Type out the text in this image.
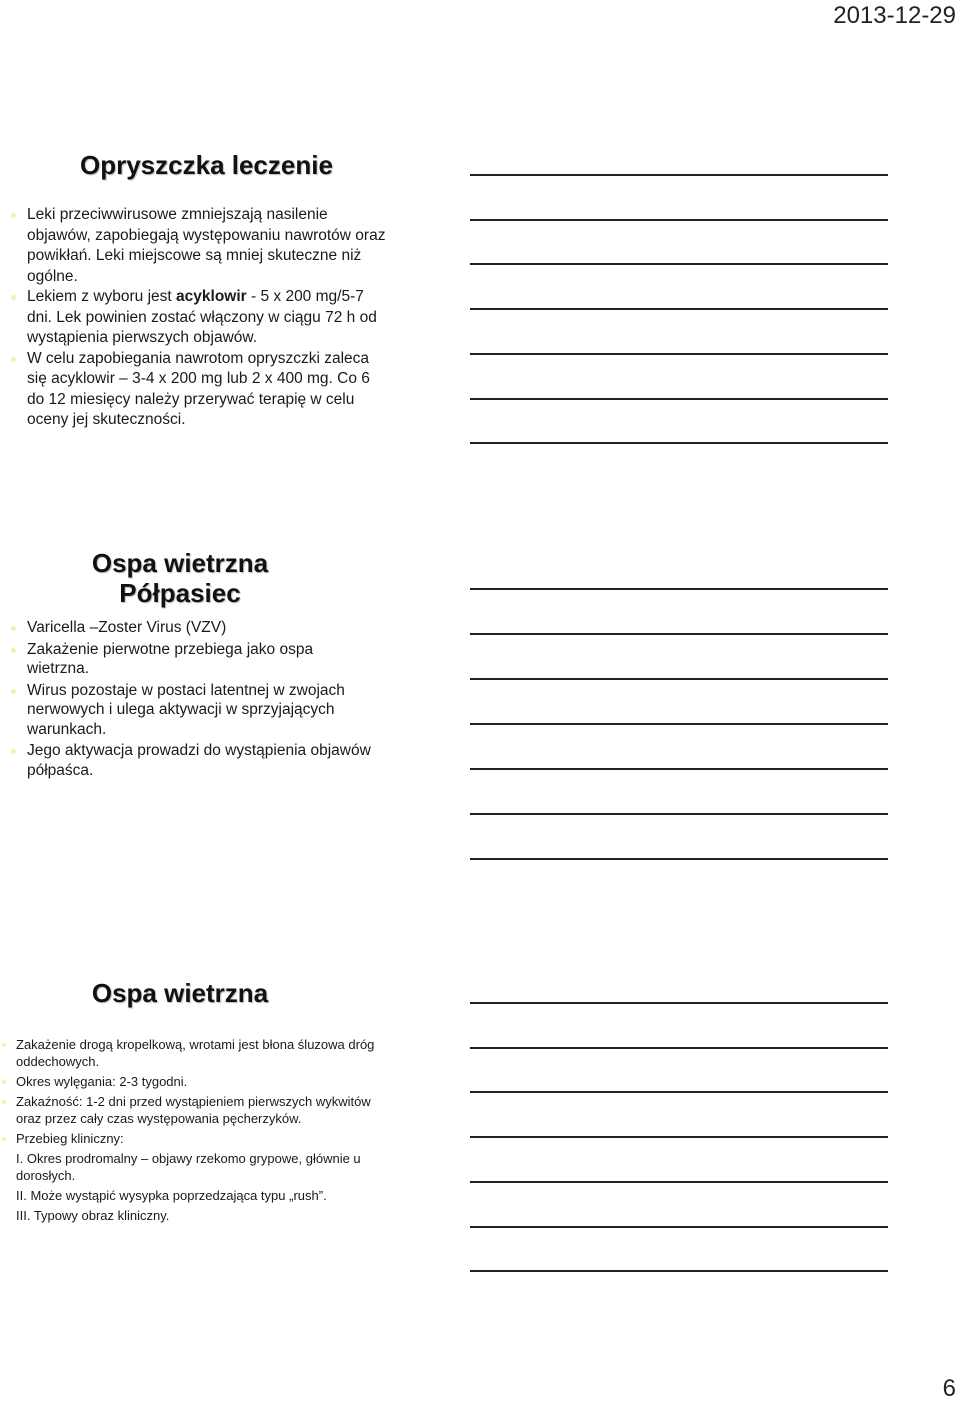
2013-12-29
Opryszczka leczenie
Leki przeciwwirusowe zmniejszają nasilenie objawów, zapobiegają występowaniu nawrotów oraz powikłań. Leki miejscowe są mniej skuteczne niż ogólne.
Lekiem z wyboru jest acyklowir - 5 x 200 mg/5-7 dni. Lek powinien zostać włączony w ciągu 72 h od wystąpienia pierwszych objawów.
W celu zapobiegania nawrotom opryszczki zaleca się acyklowir – 3-4 x 200 mg lub 2 x 400 mg. Co 6 do 12 miesięcy należy przerywać terapię w celu oceny jej skuteczności.
Ospa wietrzna
Półpasiec
Varicella –Zoster Virus (VZV)
Zakażenie pierwotne przebiega jako ospa wietrzna.
Wirus pozostaje w postaci latentnej w zwojach nerwowych i ulega aktywacji w sprzyjających warunkach.
Jego aktywacja prowadzi do wystąpienia objawów półpaśca.
Ospa wietrzna
Zakażenie drogą kropelkową, wrotami jest błona śluzowa dróg oddechowych.
Okres wylęgania: 2-3 tygodni.
Zakaźność: 1-2 dni przed wystąpieniem pierwszych wykwitów oraz przez cały czas występowania pęcherzyków.
Przebieg kliniczny:
I. Okres prodromalny – objawy rzekomo grypowe, głównie u dorosłych.
II. Może wystąpić wysypka poprzedzająca typu „rush”.
III. Typowy obraz kliniczny.
6
